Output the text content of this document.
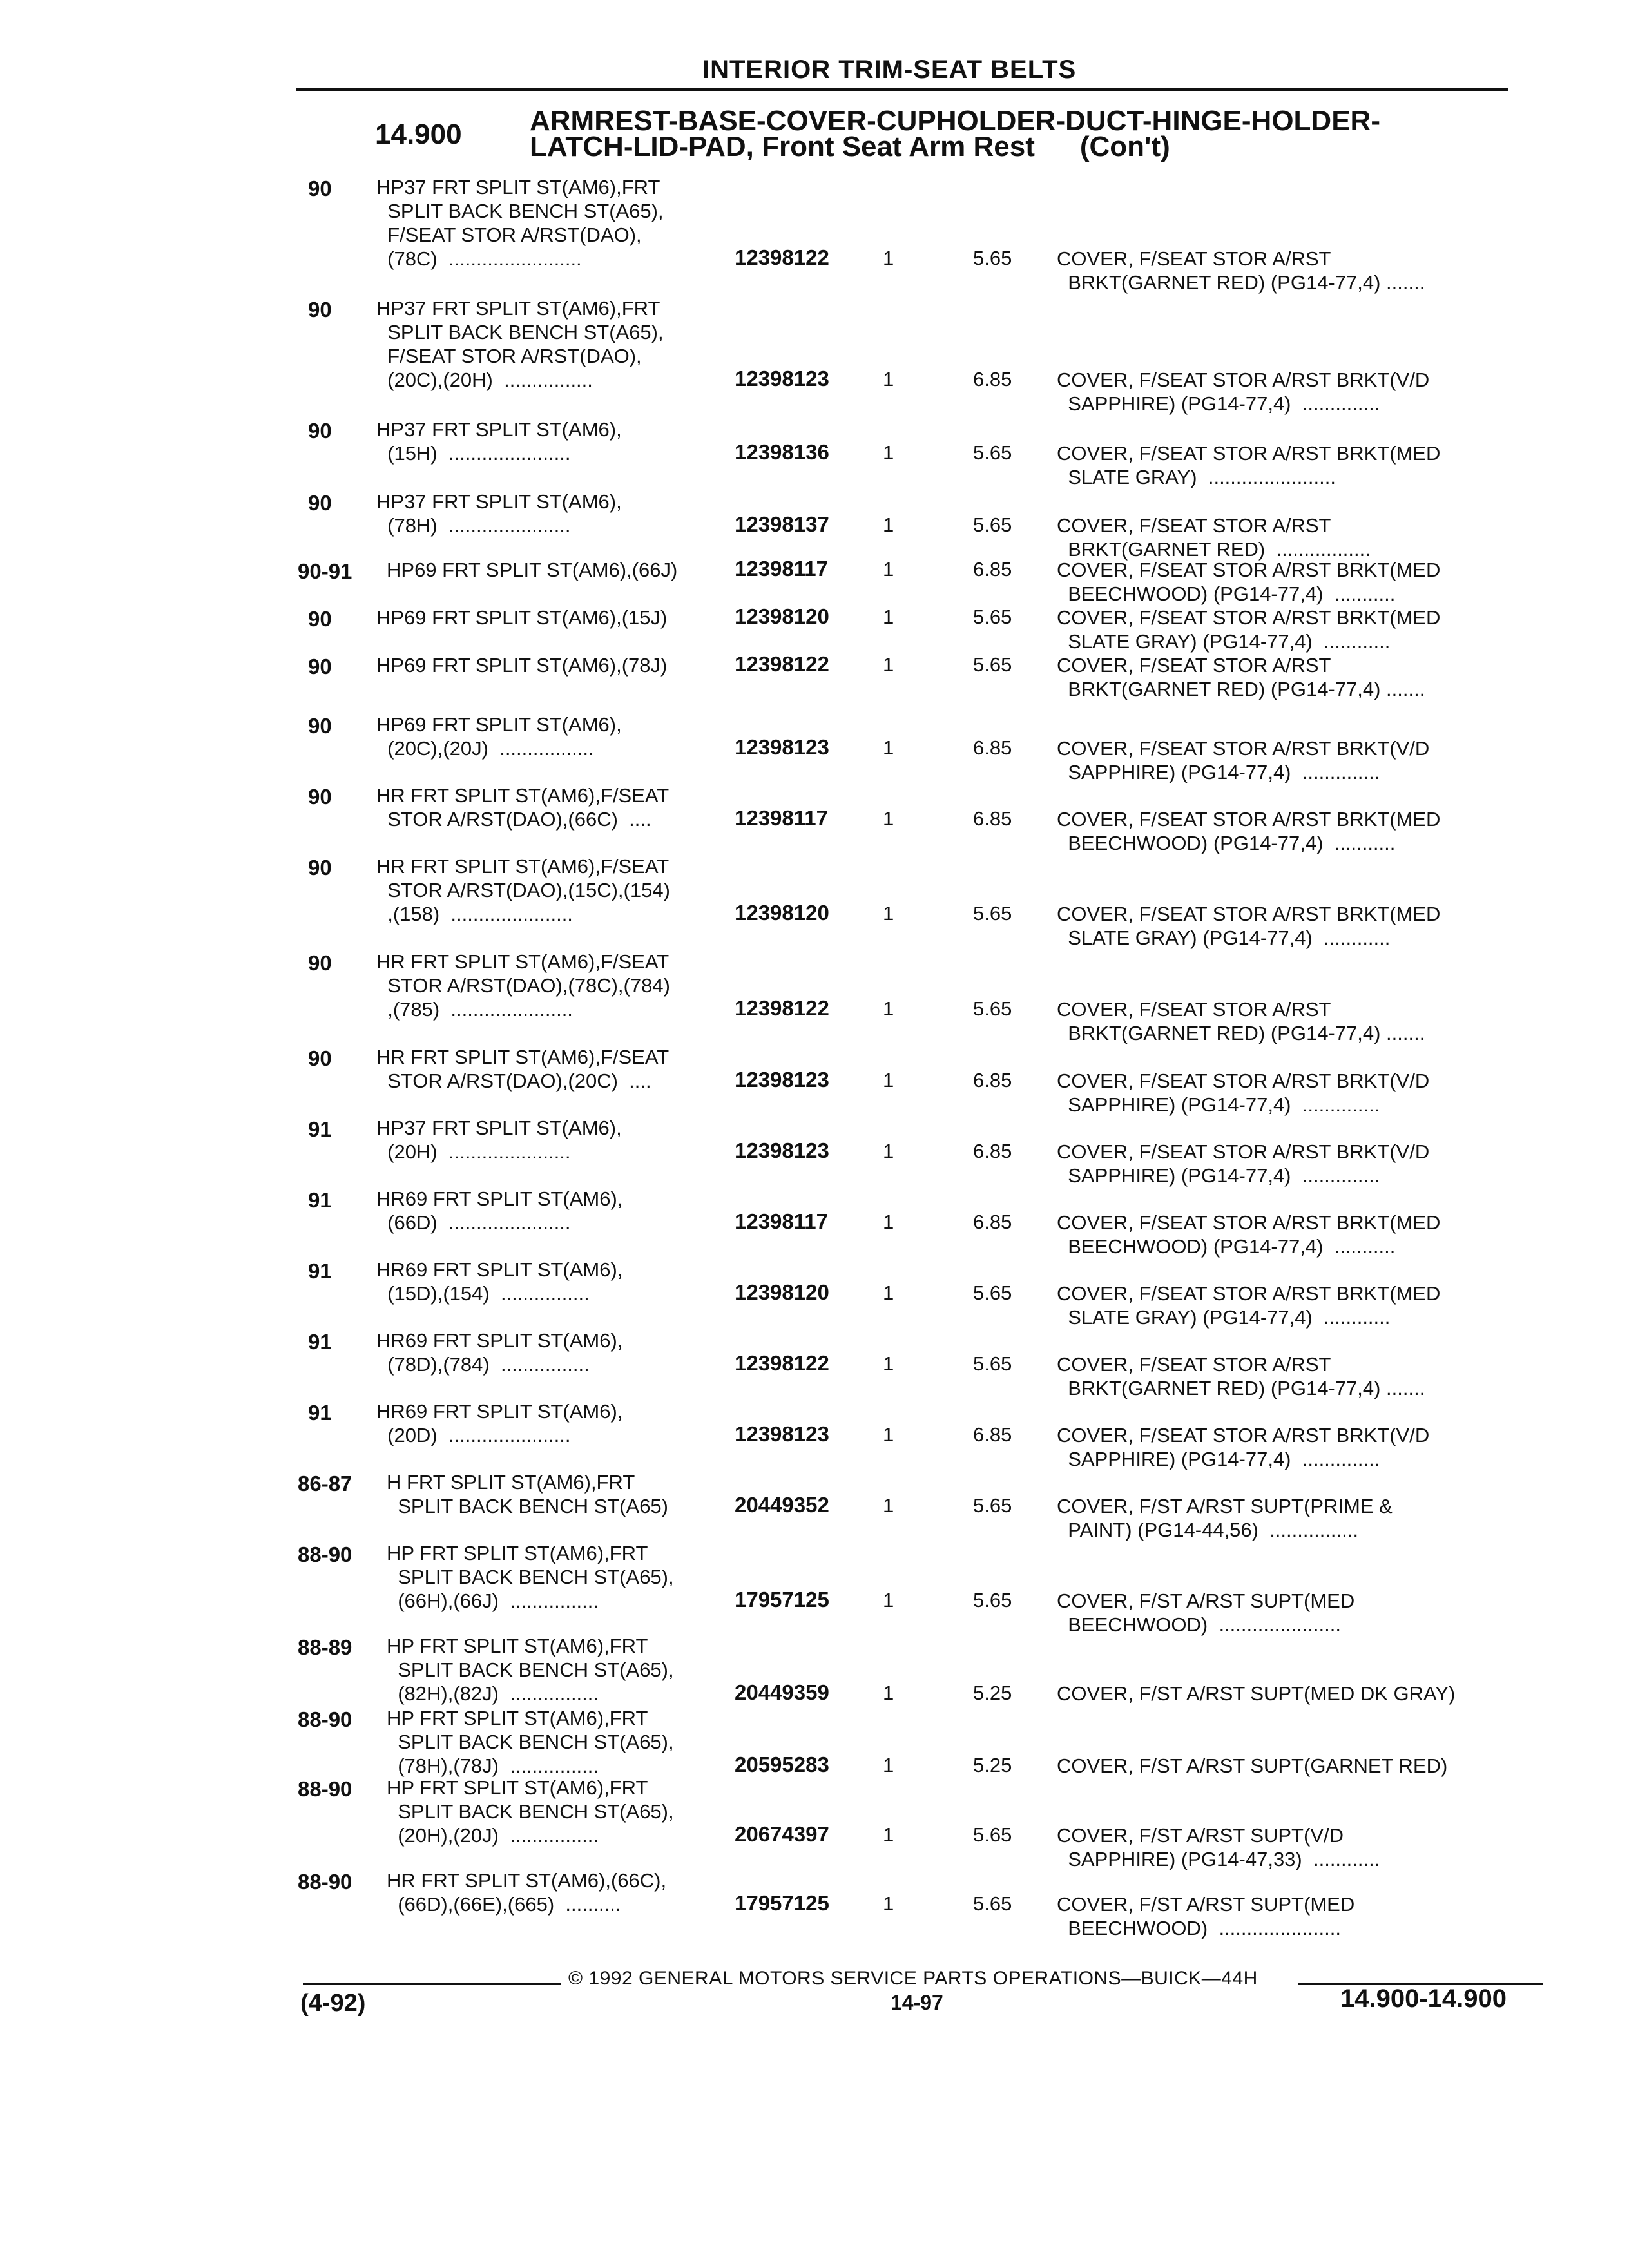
INTERIOR TRIM-SEAT BELTS
14.900 ARMREST-BASE-COVER-CUPHOLDER-DUCT-HINGE-HOLDER-
LATCH-LID-PAD, Front Seat Arm Rest (Con't)
90 HP37 FRT SPLIT ST(AM6),FRT
SPLIT BACK BENCH ST(A65),
F/SEAT STOR A/RST(DAO),
(78C)  ........................	12398122	1	5.65 COVER, F/SEAT STOR A/RST
BRKT(GARNET RED) (PG14-77,4) .......
90 HP37 FRT SPLIT ST(AM6),FRT
SPLIT BACK BENCH ST(A65),
F/SEAT STOR A/RST(DAO),
(20C),(20H)  ................	12398123	1	6.85 COVER, F/SEAT STOR A/RST BRKT(V/D
SAPPHIRE) (PG14-77,4)  ..............
90 HP37 FRT SPLIT ST(AM6),
(15H)  ......................	12398136	1	5.65 COVER, F/SEAT STOR A/RST BRKT(MED
SLATE GRAY)  .......................
90 HP37 FRT SPLIT ST(AM6),
(78H)  ......................	12398137	1	5.65 COVER, F/SEAT STOR A/RST
BRKT(GARNET RED)  .................
90-91 HP69 FRT SPLIT ST(AM6),(66J)	12398117	1	6.85 COVER, F/SEAT STOR A/RST BRKT(MED
BEECHWOOD) (PG14-77,4)  ...........
90 HP69 FRT SPLIT ST(AM6),(15J)	12398120	1	5.65 COVER, F/SEAT STOR A/RST BRKT(MED
SLATE GRAY) (PG14-77,4)  ............
90 HP69 FRT SPLIT ST(AM6),(78J)	12398122	1	5.65 COVER, F/SEAT STOR A/RST
BRKT(GARNET RED) (PG14-77,4) .......
90 HP69 FRT SPLIT ST(AM6),
(20C),(20J)  .................	12398123	1	6.85 COVER, F/SEAT STOR A/RST BRKT(V/D
SAPPHIRE) (PG14-77,4)  ..............
90 HR FRT SPLIT ST(AM6),F/SEAT
STOR A/RST(DAO),(66C)  ....	12398117	1	6.85 COVER, F/SEAT STOR A/RST BRKT(MED
BEECHWOOD) (PG14-77,4)  ...........
90 HR FRT SPLIT ST(AM6),F/SEAT
STOR A/RST(DAO),(15C),(154)
,(158)  ......................	12398120	1	5.65 COVER, F/SEAT STOR A/RST BRKT(MED
SLATE GRAY) (PG14-77,4)  ............
90 HR FRT SPLIT ST(AM6),F/SEAT
STOR A/RST(DAO),(78C),(784)
,(785)  ......................	12398122	1	5.65 COVER, F/SEAT STOR A/RST
BRKT(GARNET RED) (PG14-77,4) .......
90 HR FRT SPLIT ST(AM6),F/SEAT
STOR A/RST(DAO),(20C)  ....	12398123	1	6.85 COVER, F/SEAT STOR A/RST BRKT(V/D
SAPPHIRE) (PG14-77,4)  ..............
91 HP37 FRT SPLIT ST(AM6),
(20H)  ......................	12398123	1	6.85 COVER, F/SEAT STOR A/RST BRKT(V/D
SAPPHIRE) (PG14-77,4)  ..............
91 HR69 FRT SPLIT ST(AM6),
(66D)  ......................	12398117	1	6.85 COVER, F/SEAT STOR A/RST BRKT(MED
BEECHWOOD) (PG14-77,4)  ...........
91 HR69 FRT SPLIT ST(AM6),
(15D),(154)  ................	12398120	1	5.65 COVER, F/SEAT STOR A/RST BRKT(MED
SLATE GRAY) (PG14-77,4)  ............
91 HR69 FRT SPLIT ST(AM6),
(78D),(784)  ................	12398122	1	5.65 COVER, F/SEAT STOR A/RST
BRKT(GARNET RED) (PG14-77,4) .......
91 HR69 FRT SPLIT ST(AM6),
(20D)  ......................	12398123	1	6.85 COVER, F/SEAT STOR A/RST BRKT(V/D
SAPPHIRE) (PG14-77,4)  ..............
86-87 H FRT SPLIT ST(AM6),FRT
SPLIT BACK BENCH ST(A65)	20449352	1	5.65 COVER, F/ST A/RST SUPT(PRIME &
PAINT) (PG14-44,56)  ................
88-90 HP FRT SPLIT ST(AM6),FRT
SPLIT BACK BENCH ST(A65),
(66H),(66J)  ................	17957125	1	5.65 COVER, F/ST A/RST SUPT(MED
BEECHWOOD)  ......................
88-89 HP FRT SPLIT ST(AM6),FRT
SPLIT BACK BENCH ST(A65),
(82H),(82J)  ................	20449359	1	5.25 COVER, F/ST A/RST SUPT(MED DK GRAY)
88-90 HP FRT SPLIT ST(AM6),FRT
SPLIT BACK BENCH ST(A65),
(78H),(78J)  ................	20595283	1	5.25 COVER, F/ST A/RST SUPT(GARNET RED)
88-90 HP FRT SPLIT ST(AM6),FRT
SPLIT BACK BENCH ST(A65),
(20H),(20J)  ................	20674397	1	5.65 COVER, F/ST A/RST SUPT(V/D
SAPPHIRE) (PG14-47,33)  ............
88-90 HR FRT SPLIT ST(AM6),(66C),
(66D),(66E),(665)  ..........	17957125	1	5.65 COVER, F/ST A/RST SUPT(MED
BEECHWOOD)  ......................
© 1992 GENERAL MOTORS SERVICE PARTS OPERATIONS—BUICK—44H
(4-92)	14-97	14.900-14.900
